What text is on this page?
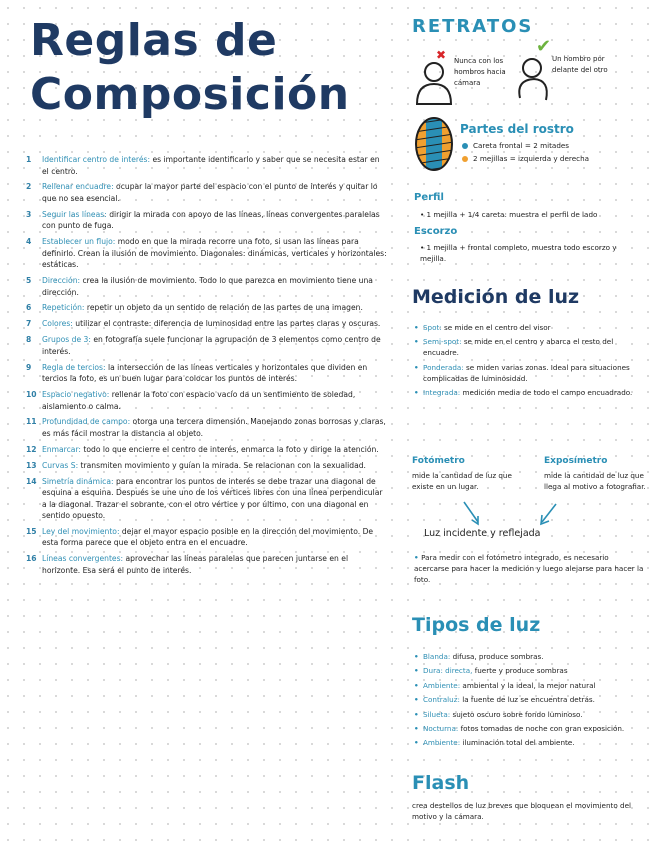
Reglas de
Composición
1	Identificar centro de interés: es importante identificarlo y saber que se necesita estar en el centro.
2	Rellenar encuadre: ocupar la mayor parte del espacio con el punto de interés y quitar lo que no sea esencial.
3	Seguir las líneas: dirigir la mirada con apoyo de las líneas, líneas convergentes paralelas con punto de fuga.
4	Establecer un flujo: modo en que la mirada recorre una foto, si usan las líneas para definirlo. Crean la ilusión de movimiento. Diagonales: dinámicas, verticales y horizontales: estáticas.
5	Dirección: crea la ilusión de movimiento. Todo lo que parezca en movimiento tiene una dirección.
6	Repetición: repetir un objeto da un sentido de relación de las partes de una imagen.
7	Colores: utilizar el contraste: diferencia de luminosidad entre las partes claras y oscuras.
8	Grupos de 3: en fotografía suele funcionar la agrupación de 3 elementos como centro de interés.
9	Regla de tercios: la intersección de las líneas verticales y horizontales que dividen en tercios la foto, es un buen lugar para colocar los puntos de interés.
10 Espacio negativo: rellenar la foto con espacio vacío da un sentimiento de soledad, aislamiento o calma.
11 Profundidad de campo: otorga una tercera dimensión. Manejando zonas borrosas y claras, es más fácil mostrar la distancia al objeto.
12 Enmarcar: todo lo que encierre el centro de interés, enmarca la foto y dirige la atención.
13 Curvas S: transmiten movimiento y guían la mirada. Se relacionan con la sexualidad.
14 Simetría dinámica: para encontrar los puntos de interés se debe trazar una diagonal de esquina a esquina. Después se une uno de los vértices libres con una línea perpendicular a la diagonal. Trazar el sobrante, con el otro vértice y por último, con una diagonal en sentido opuesto.
15 Ley del movimiento: dejar el mayor espacio posible en la dirección del movimiento. De esta forma parece que el objeto entra en el encuadre.
16 Líneas convergentes: aprovechar las líneas paralelas que parecen juntarse en el horizonte. Esa será el punto de interés.
RETRATOS
✖ Nunca con los hombros hacia cámara
✔
Un hombro por delante del otro
Partes del rostro
Careta frontal = 2 mitades
2 mejillas = izquierda y derecha
Perfil
• 1 mejilla + 1/4 careta: muestra el perfil de lado
Escorzo
• 1 mejilla + frontal completo, muestra todo escorzo y mejilla.
Medición de luz
• Spot: se mide en el centro del visor
• Semi-spot: se mide en el centro y abarca el resto del encuadre.
• Ponderada: se miden varias zonas. Ideal para situaciones complicadas de luminosidad.
• Integrada: medición media de todo el campo encuadrado.
Fotómetro
mide la cantidad de luz que existe en un lugar.
Exposímetro
mide la cantidad de luz que llega al motivo a fotografiar.
Luz incidente y reflejada
• Para medir con el fotómetro integrado, es necesario acercarse para hacer la medición y luego alejarse para hacer la foto.
Tipos de luz
• Blanda: difusa, produce sombras.
• Dura: directa, fuerte y produce sombras
• Ambiente: ambiental y la ideal, la mejor natural
• Contraluz: la fuente de luz se encuentra detrás.
• Silueta: sujeto oscuro sobre fondo luminoso.
• Nocturna: fotos tomadas de noche con gran exposición.
• Ambiente: iluminación total del ambiente.
Flash
crea destellos de luz breves que bloquean el movimiento del motivo y la cámara.
